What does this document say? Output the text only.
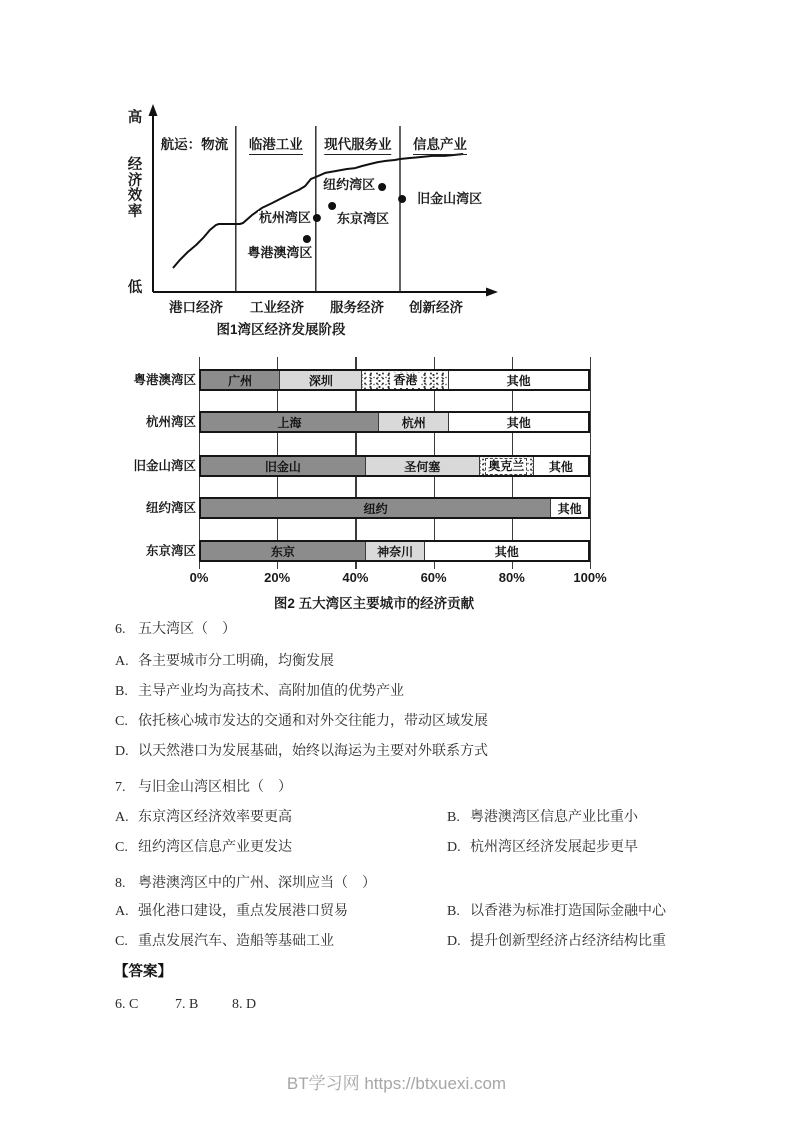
高
经
济
效
率
低
图1湾区经济发展阶段
航运：物流
港口经济
临港工业
工业经济
现代服务业
服务经济
信息产业
创新经济
粤港澳湾区
杭州湾区 东京湾区
纽约湾区
旧金山湾区
图2 五大湾区主要城市的经济贡献
0%	20%	40%	60%	80%	100%
粤港澳湾区	广州	深圳	香港	其他
杭州湾区	上海	杭州	其他
旧金山湾区	旧金山	圣何塞	奥克兰 其他
纽约湾区	纽约	其他
东京湾区	东京	神奈川	其他
6. 五大湾区（　）
A. 各主要城市分工明确，均衡发展
B. 主导产业均为高技术、高附加值的优势产业
C. 依托核心城市发达的交通和对外交往能力，带动区域发展
D. 以天然港口为发展基础，始终以海运为主要对外联系方式
7. 与旧金山湾区相比（　）
A. 东京湾区经济效率要更高	B. 粤港澳湾区信息产业比重小
C. 纽约湾区信息产业更发达	D. 杭州湾区经济发展起步更早
8. 粤港澳湾区中的广州、深圳应当（　）
A. 强化港口建设，重点发展港口贸易	B. 以香港为标准打造国际金融中心
C. 重点发展汽车、造船等基础工业	D. 提升创新型经济占经济结构比重
【答案】
6. C	7. B 8. D
BT学习网 https://btxuexi.com
